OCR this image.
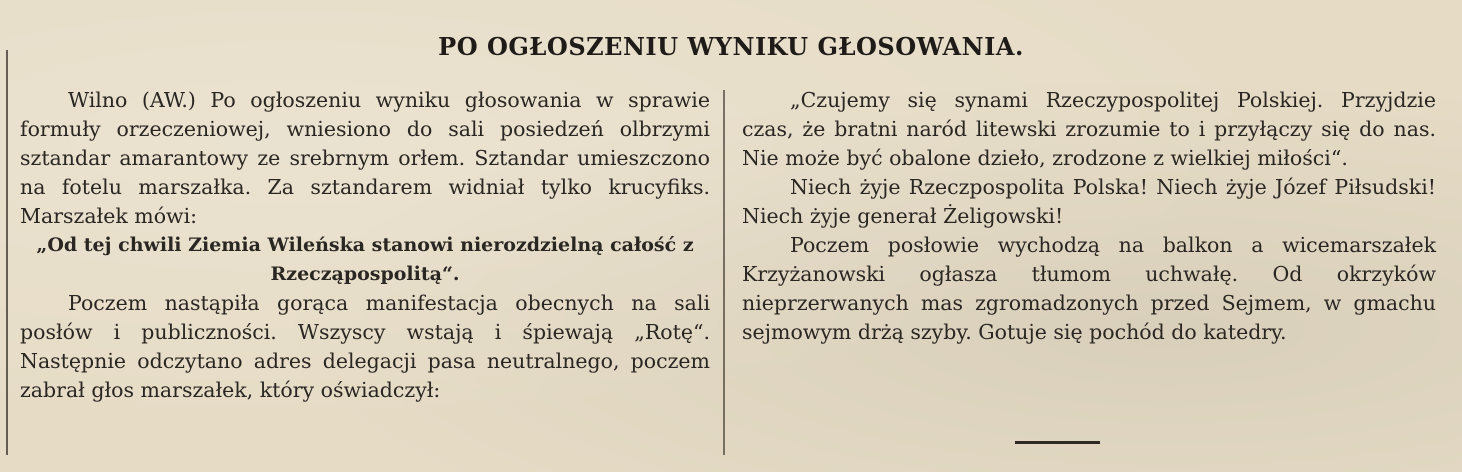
PO OGŁOSZENIU WYNIKU GŁOSOWANIA.

Wilno (AW.) Po ogłoszeniu wyniku głosowania w sprawie formuły orzeczeniowej, wniesiono do sali posiedzeń olbrzymi sztandar amarantowy ze srebrnym orłem. Sztandar umieszczono na fotelu marszałka. Za sztandarem widniał tylko krucyfiks. Marszałek mówi:

„Od tej chwili Ziemia Wileńska stanowi nierozdzielną całość z Rzecząpospolitą“.

Poczem nastąpiła gorąca manifestacja obecnych na sali posłów i publiczności. Wszyscy wstają i śpiewają „Rotę“. Następnie odczytano adres delegacji pasa neutralnego, poczem zabrał głos marszałek, który oświadczył:

„Czujemy się synami Rzeczypospolitej Polskiej. Przyjdzie czas, że bratni naród litewski zrozumie to i przyłączy się do nas. Nie może być obalone dzieło, zrodzone z wielkiej miłości“.

Niech żyje Rzeczpospolita Polska! Niech żyje Józef Piłsudski! Niech żyje generał Żeligowski!

Poczem posłowie wychodzą na balkon a wicemarszałek Krzyżanowski ogłasza tłumom uchwałę. Od okrzyków nieprzerwanych mas zgromadzonych przed Sejmem, w gmachu sejmowym drżą szyby. Gotuje się pochód do katedry.
